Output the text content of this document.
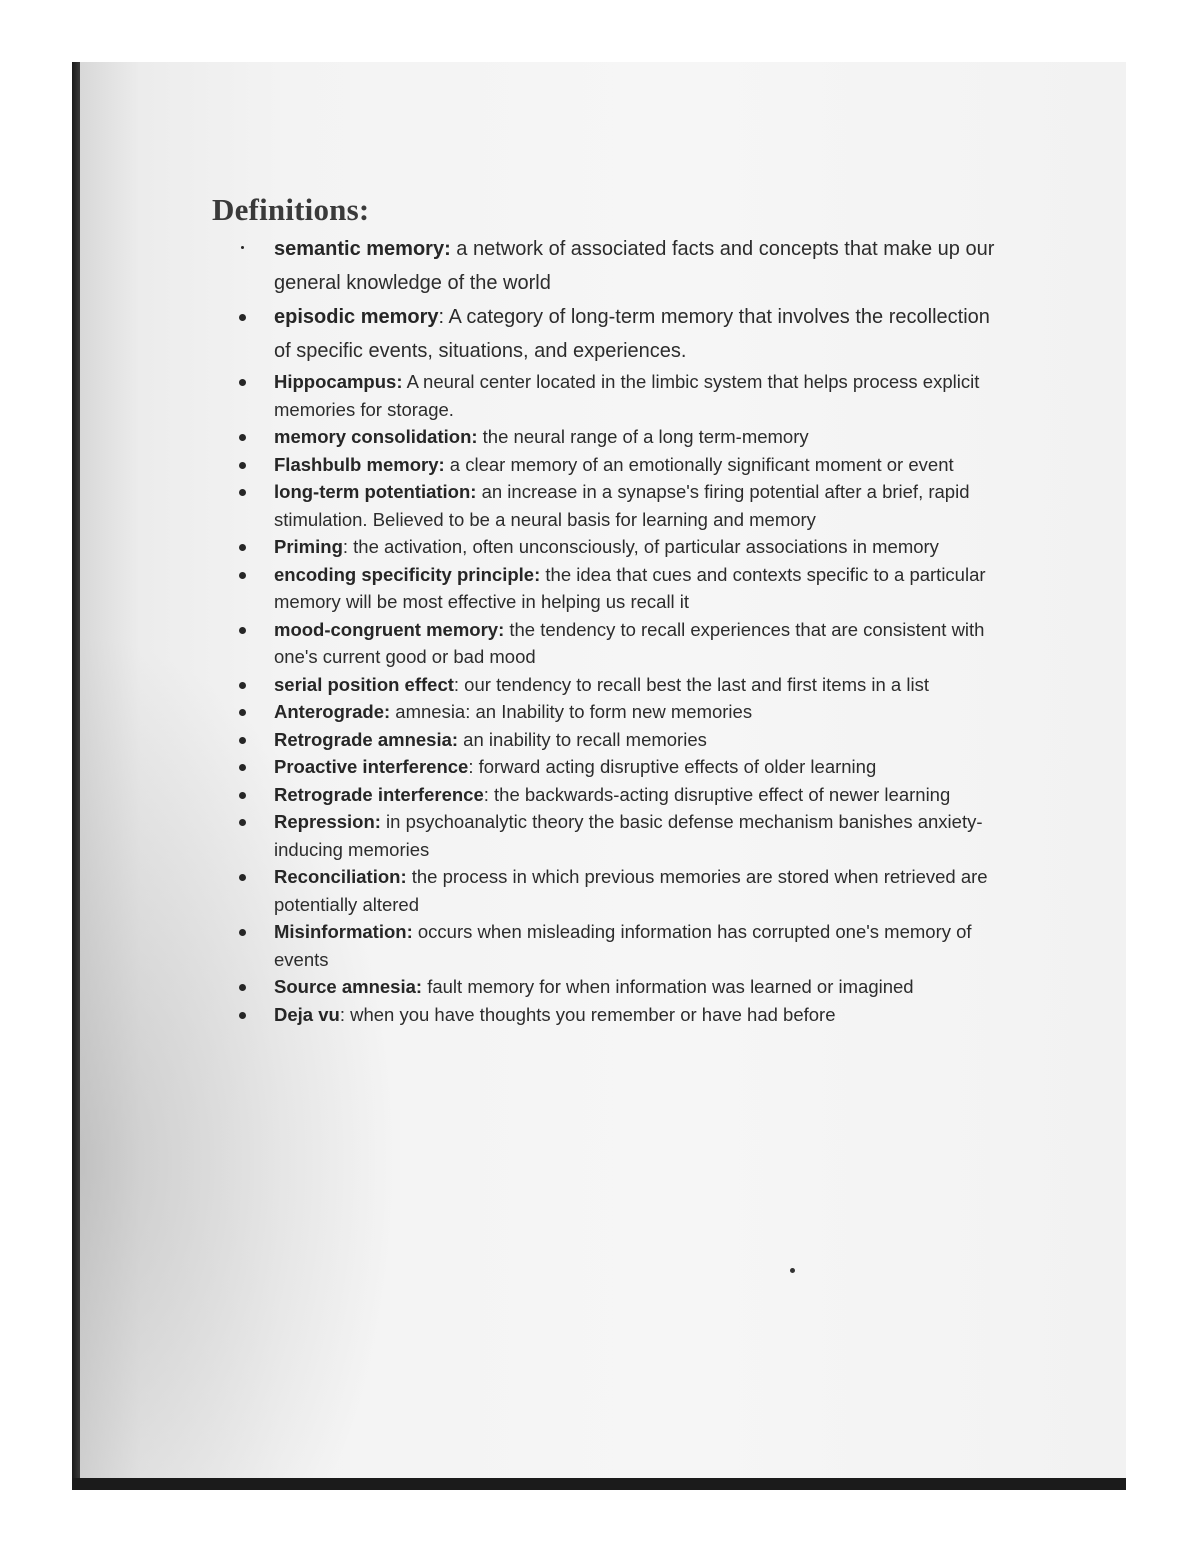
Definitions:
semantic memory: a network of associated facts and concepts that make up our general knowledge of the world
episodic memory: A category of long-term memory that involves the recollection of specific events, situations, and experiences.
Hippocampus: A neural center located in the limbic system that helps process explicit memories for storage.
memory consolidation: the neural range of a long term-memory
Flashbulb memory: a clear memory of an emotionally significant moment or event
long-term potentiation: an increase in a synapse's firing potential after a brief, rapid stimulation. Believed to be a neural basis for learning and memory
Priming: the activation, often unconsciously, of particular associations in memory
encoding specificity principle: the idea that cues and contexts specific to a particular memory will be most effective in helping us recall it
mood-congruent memory: the tendency to recall experiences that are consistent with one's current good or bad mood
serial position effect: our tendency to recall best the last and first items in a list
Anterograde: amnesia: an Inability to form new memories
Retrograde amnesia: an inability to recall memories
Proactive interference: forward acting disruptive effects of older learning
Retrograde interference: the backwards-acting disruptive effect of newer learning
Repression: in psychoanalytic theory the basic defense mechanism banishes anxiety-inducing memories
Reconciliation: the process in which previous memories are stored when retrieved are potentially altered
Misinformation: occurs when misleading information has corrupted one's memory of events
Source amnesia: fault memory for when information was learned or imagined
Deja vu: when you have thoughts you remember or have had before
